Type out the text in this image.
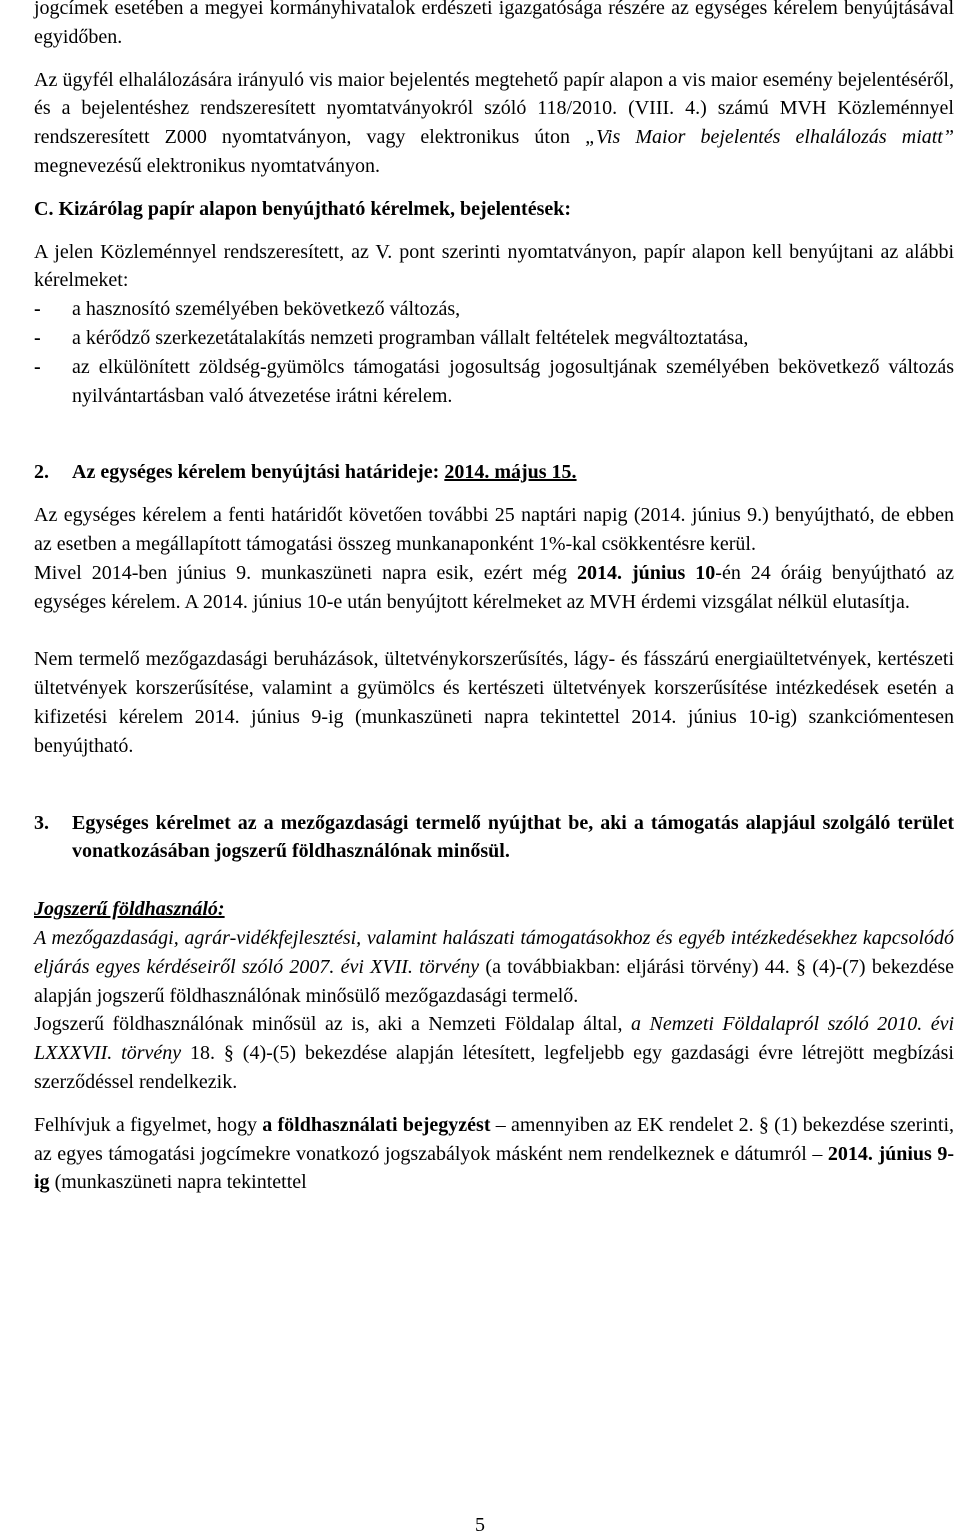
jogcímek esetében a megyei kormányhivatalok erdészeti igazgatósága részére az egységes kérelem benyújtásával egyidőben.

Az ügyfél elhalálozására irányuló vis maior bejelentés megtehető papír alapon a vis maior esemény bejelentéséről, és a bejelentéshez rendszeresített nyomtatványokról szóló 118/2010. (VIII. 4.) számú MVH Közleménnyel rendszeresített Z000 nyomtatványon, vagy elektronikus úton „Vis Maior bejelentés elhalálozás miatt” megnevezésű elektronikus nyomtatványon.

C. Kizárólag papír alapon benyújtható kérelmek, bejelentések:

A jelen Közleménnyel rendszeresített, az V. pont szerinti nyomtatványon, papír alapon kell benyújtani az alábbi kérelmeket:

-	a hasznosító személyében bekövetkező változás,
-	a kérődző szerkezetátalakítás nemzeti programban vállalt feltételek megváltoztatása,
-	az elkülönített zöldség-gyümölcs támogatási jogosultság jogosultjának személyében bekövetkező változás nyilvántartásban való átvezetése irátni kérelem.
2.	Az egységes kérelem benyújtási határideje: 2014. május 15.

Az egységes kérelem a fenti határidőt követően további 25 naptári napig (2014. június 9.) benyújtható, de ebben az esetben a megállapított támogatási összeg munkanaponként 1%-kal csökkentésre kerül.

Mivel 2014-ben június 9. munkaszüneti napra esik, ezért még 2014. június 10-én 24 óráig benyújtható az egységes kérelem. A 2014. június 10-e után benyújtott kérelmeket az MVH érdemi vizsgálat nélkül elutasítja.

Nem termelő mezőgazdasági beruházások, ültetvénykorszerűsítés, lágy- és fásszárú energiaültetvények, kertészeti ültetvények korszerűsítése, valamint a gyümölcs és kertészeti ültetvények korszerűsítése intézkedések esetén a kifizetési kérelem 2014. június 9-ig (munkaszüneti napra tekintettel 2014. június 10-ig) szankciómentesen benyújtható.

3.	Egységes kérelmet az a mezőgazdasági termelő nyújthat be, aki a támogatás alapjául szolgáló terület vonatkozásában jogszerű földhasználónak minősül.

Jogszerű földhasználó:

A mezőgazdasági, agrár-vidékfejlesztési, valamint halászati támogatásokhoz és egyéb intézkedésekhez kapcsolódó eljárás egyes kérdéseiről szóló 2007. évi XVII. törvény (a továbbiakban: eljárási törvény) 44. § (4)-(7) bekezdése alapján jogszerű földhasználónak minősülő mezőgazdasági termelő.

Jogszerű földhasználónak minősül az is, aki a Nemzeti Földalap által, a Nemzeti Földalapról szóló 2010. évi LXXXVII. törvény 18. § (4)-(5) bekezdése alapján létesített, legfeljebb egy gazdasági évre létrejött megbízási szerződéssel rendelkezik.

Felhívjuk a figyelmet, hogy a földhasználati bejegyzést – amennyiben az EK rendelet 2. § (1) bekezdése szerinti, az egyes támogatási jogcímekre vonatkozó jogszabályok másként nem rendelkeznek e dátumról – 2014. június 9-ig (munkaszüneti napra tekintettel

5
